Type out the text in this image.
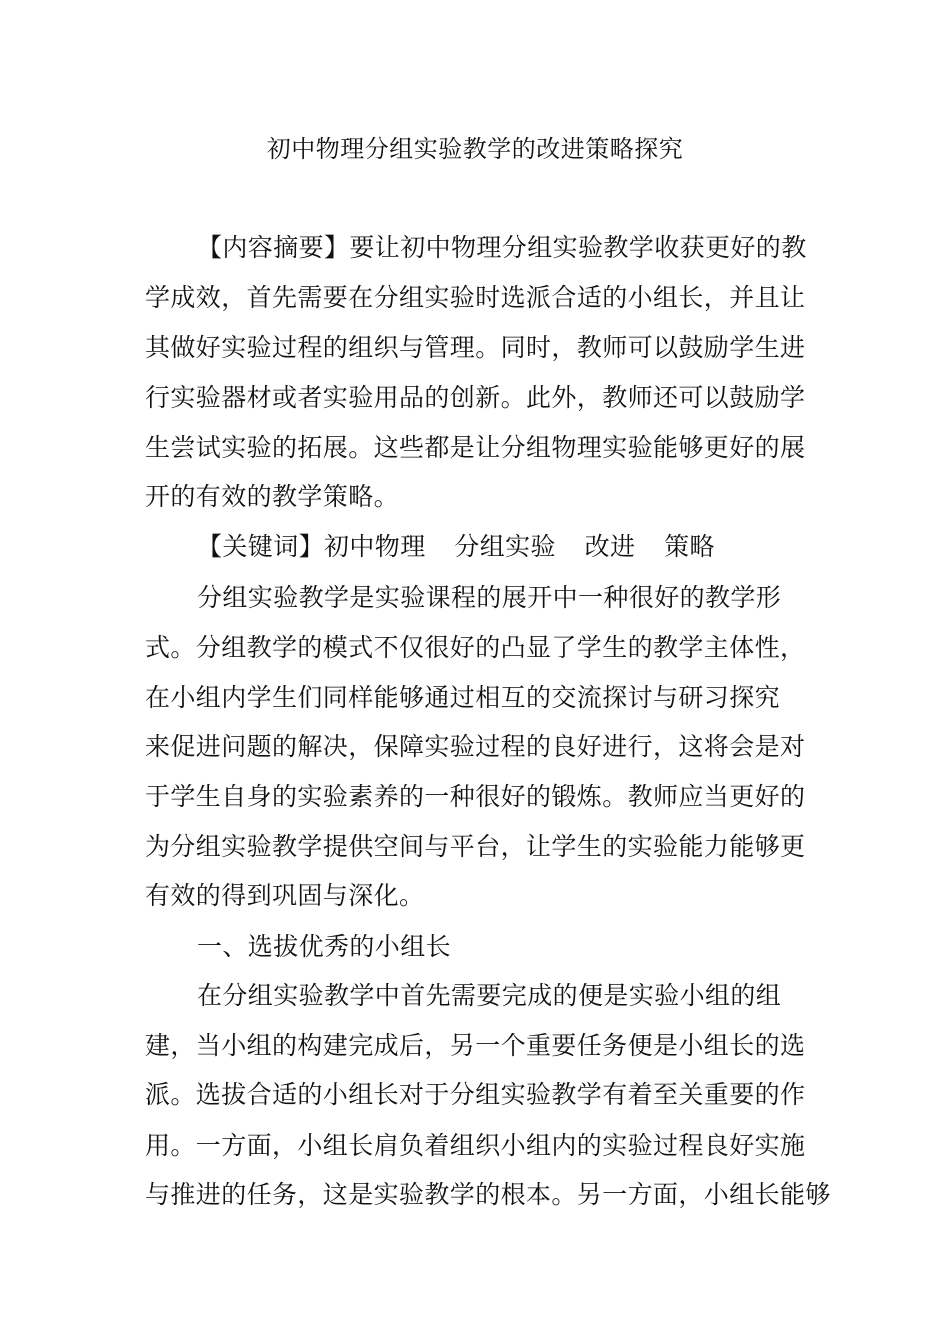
初中物理分组实验教学的改进策略探究
【内容摘要】要让初中物理分组实验教学收获更好的教
学成效，首先需要在分组实验时选派合适的小组长，并且让
其做好实验过程的组织与管理。同时，教师可以鼓励学生进
行实验器材或者实验用品的创新。此外，教师还可以鼓励学
生尝试实验的拓展。这些都是让分组物理实验能够更好的展
开的有效的教学策略。
【关键词】初中物理  分组实验  改进  策略
分组实验教学是实验课程的展开中一种很好的教学形
式。分组教学的模式不仅很好的凸显了学生的教学主体性，
在小组内学生们同样能够通过相互的交流探讨与研习探究
来促进问题的解决，保障实验过程的良好进行，这将会是对
于学生自身的实验素养的一种很好的锻炼。教师应当更好的
为分组实验教学提供空间与平台，让学生的实验能力能够更
有效的得到巩固与深化。
一、选拔优秀的小组长
在分组实验教学中首先需要完成的便是实验小组的组
建，当小组的构建完成后，另一个重要任务便是小组长的选
派。选拔合适的小组长对于分组实验教学有着至关重要的作
用。一方面，小组长肩负着组织小组内的实验过程良好实施
与推进的任务，这是实验教学的根本。另一方面，小组长能够
